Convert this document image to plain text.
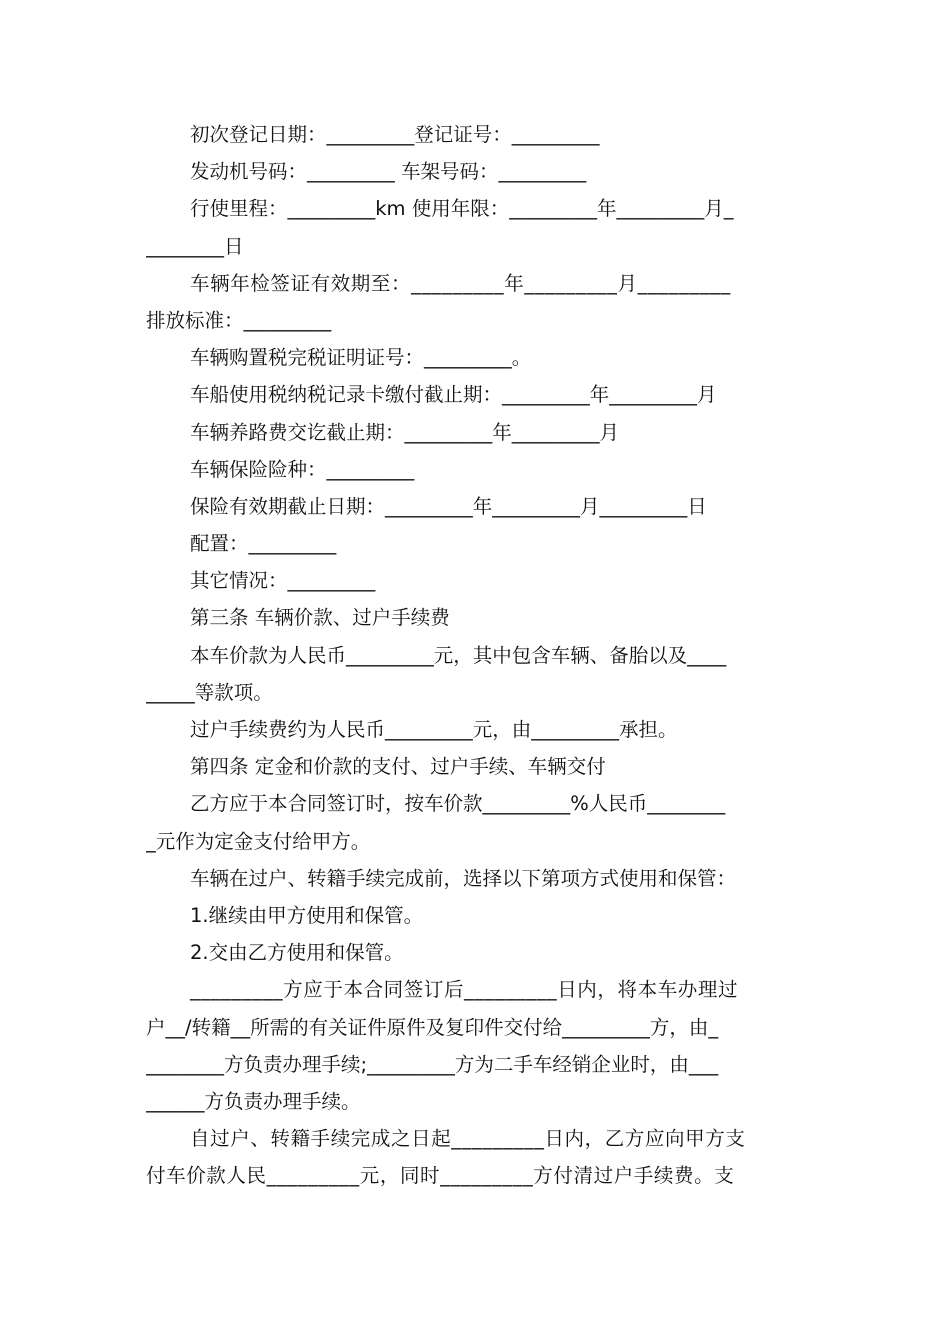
初次登记日期：_________登记证号：_________
发动机号码：_________ 车架号码：_________
行使里程：_________km 使用年限：_________年_________月_
________日
车辆年检签证有效期至：_________年_________月_________
排放标准：_________
车辆购置税完税证明证号：_________。
车船使用税纳税记录卡缴付截止期：_________年_________月
车辆养路费交讫截止期：_________年_________月
车辆保险险种：_________
保险有效期截止日期：_________年_________月_________日
配置：_________
其它情况：_________
第三条 车辆价款、过户手续费
本车价款为人民币_________元，其中包含车辆、备胎以及____
_____等款项。
过户手续费约为人民币_________元，由_________承担。
第四条 定金和价款的支付、过户手续、车辆交付
乙方应于本合同签订时，按车价款_________%人民币________
_元作为定金支付给甲方。
车辆在过户、转籍手续完成前，选择以下第项方式使用和保管：
1.继续由甲方使用和保管。
2.交由乙方使用和保管。
_________方应于本合同签订后_________日内，将本车办理过
户__/转籍__所需的有关证件原件及复印件交付给_________方，由_
________方负责办理手续;_________方为二手车经销企业时，由___
______方负责办理手续。
自过户、转籍手续完成之日起_________日内，乙方应向甲方支
付车价款人民_________元，同时_________方付清过户手续费。支
